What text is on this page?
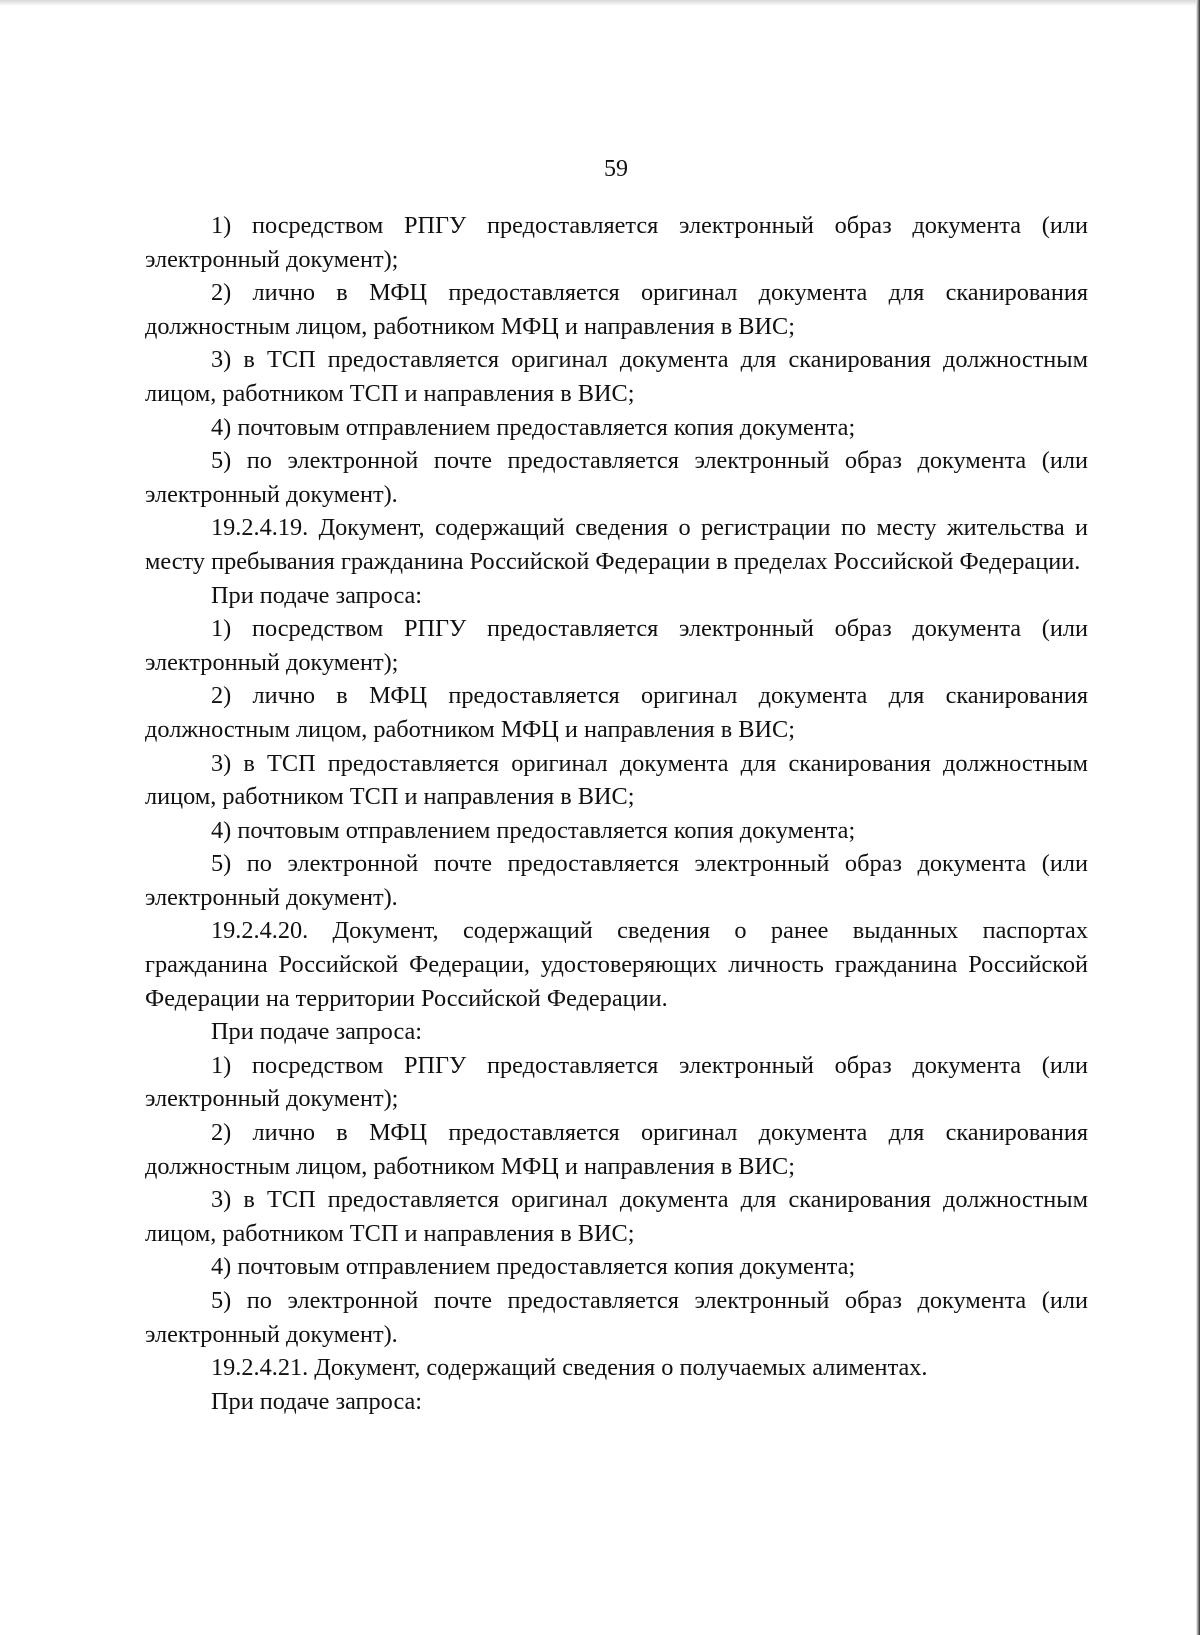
59

1) посредством РПГУ предоставляется электронный образ документа (или электронный документ);

2) лично в МФЦ предоставляется оригинал документа для сканирования должностным лицом, работником МФЦ и направления в ВИС;

3) в ТСП предоставляется оригинал документа для сканирования должностным лицом, работником ТСП и направления в ВИС;

4) почтовым отправлением предоставляется копия документа;

5) по электронной почте предоставляется электронный образ документа (или электронный документ).

19.2.4.19. Документ, содержащий сведения о регистрации по месту жительства и месту пребывания гражданина Российской Федерации в пределах Российской Федерации.

При подаче запроса:

1) посредством РПГУ предоставляется электронный образ документа (или электронный документ);

2) лично в МФЦ предоставляется оригинал документа для сканирования должностным лицом, работником МФЦ и направления в ВИС;

3) в ТСП предоставляется оригинал документа для сканирования должностным лицом, работником ТСП и направления в ВИС;

4) почтовым отправлением предоставляется копия документа;

5) по электронной почте предоставляется электронный образ документа (или электронный документ).

19.2.4.20. Документ, содержащий сведения о ранее выданных паспортах гражданина Российской Федерации, удостоверяющих личность гражданина Российской Федерации на территории Российской Федерации.

При подаче запроса:

1) посредством РПГУ предоставляется электронный образ документа (или электронный документ);

2) лично в МФЦ предоставляется оригинал документа для сканирования должностным лицом, работником МФЦ и направления в ВИС;

3) в ТСП предоставляется оригинал документа для сканирования должностным лицом, работником ТСП и направления в ВИС;

4) почтовым отправлением предоставляется копия документа;

5) по электронной почте предоставляется электронный образ документа (или электронный документ).

19.2.4.21. Документ, содержащий сведения о получаемых алиментах.

При подаче запроса:
